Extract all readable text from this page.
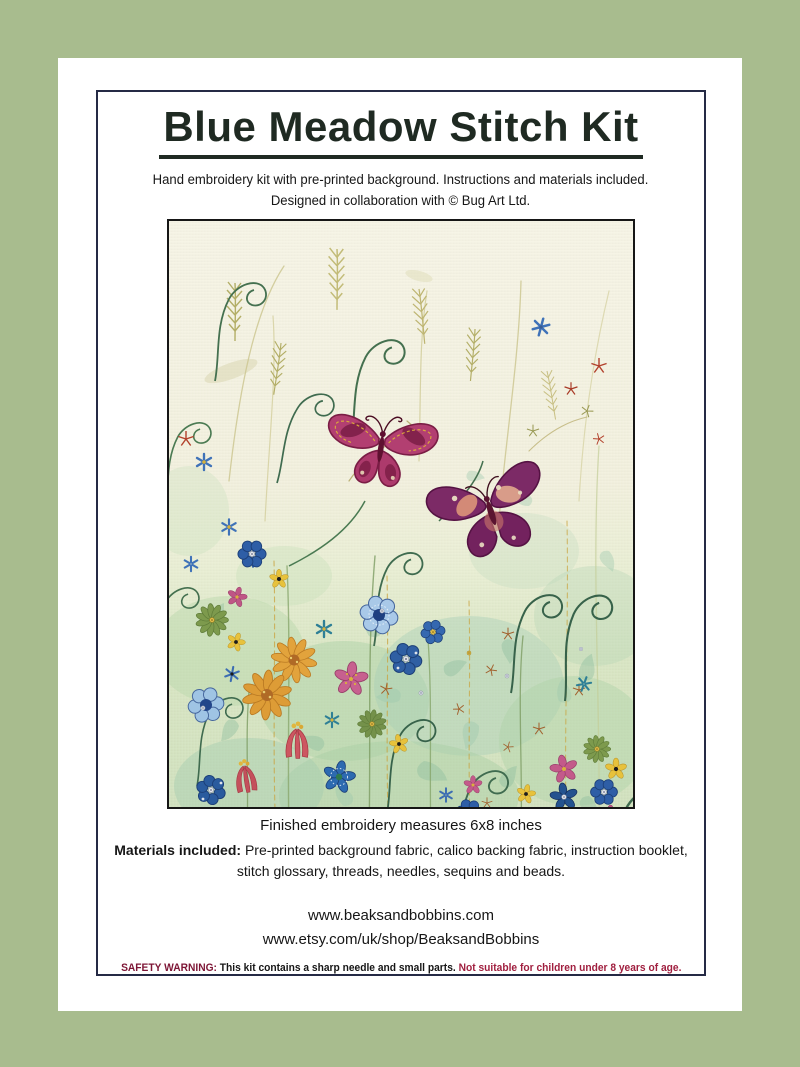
Blue Meadow Stitch Kit
Hand embroidery kit with pre-printed background. Instructions and materials included.
Designed in collaboration with © Bug Art Ltd.
Finished embroidery measures 6x8 inches

Materials included: Pre-printed background fabric, calico backing fabric, instruction booklet, stitch glossary, threads, needles, sequins and beads.

www.beaksandbobbins.com
www.etsy.com/uk/shop/BeaksandBobbins
SAFETY WARNING: This kit contains a sharp needle and small parts. Not suitable for children under 8 years of age.
